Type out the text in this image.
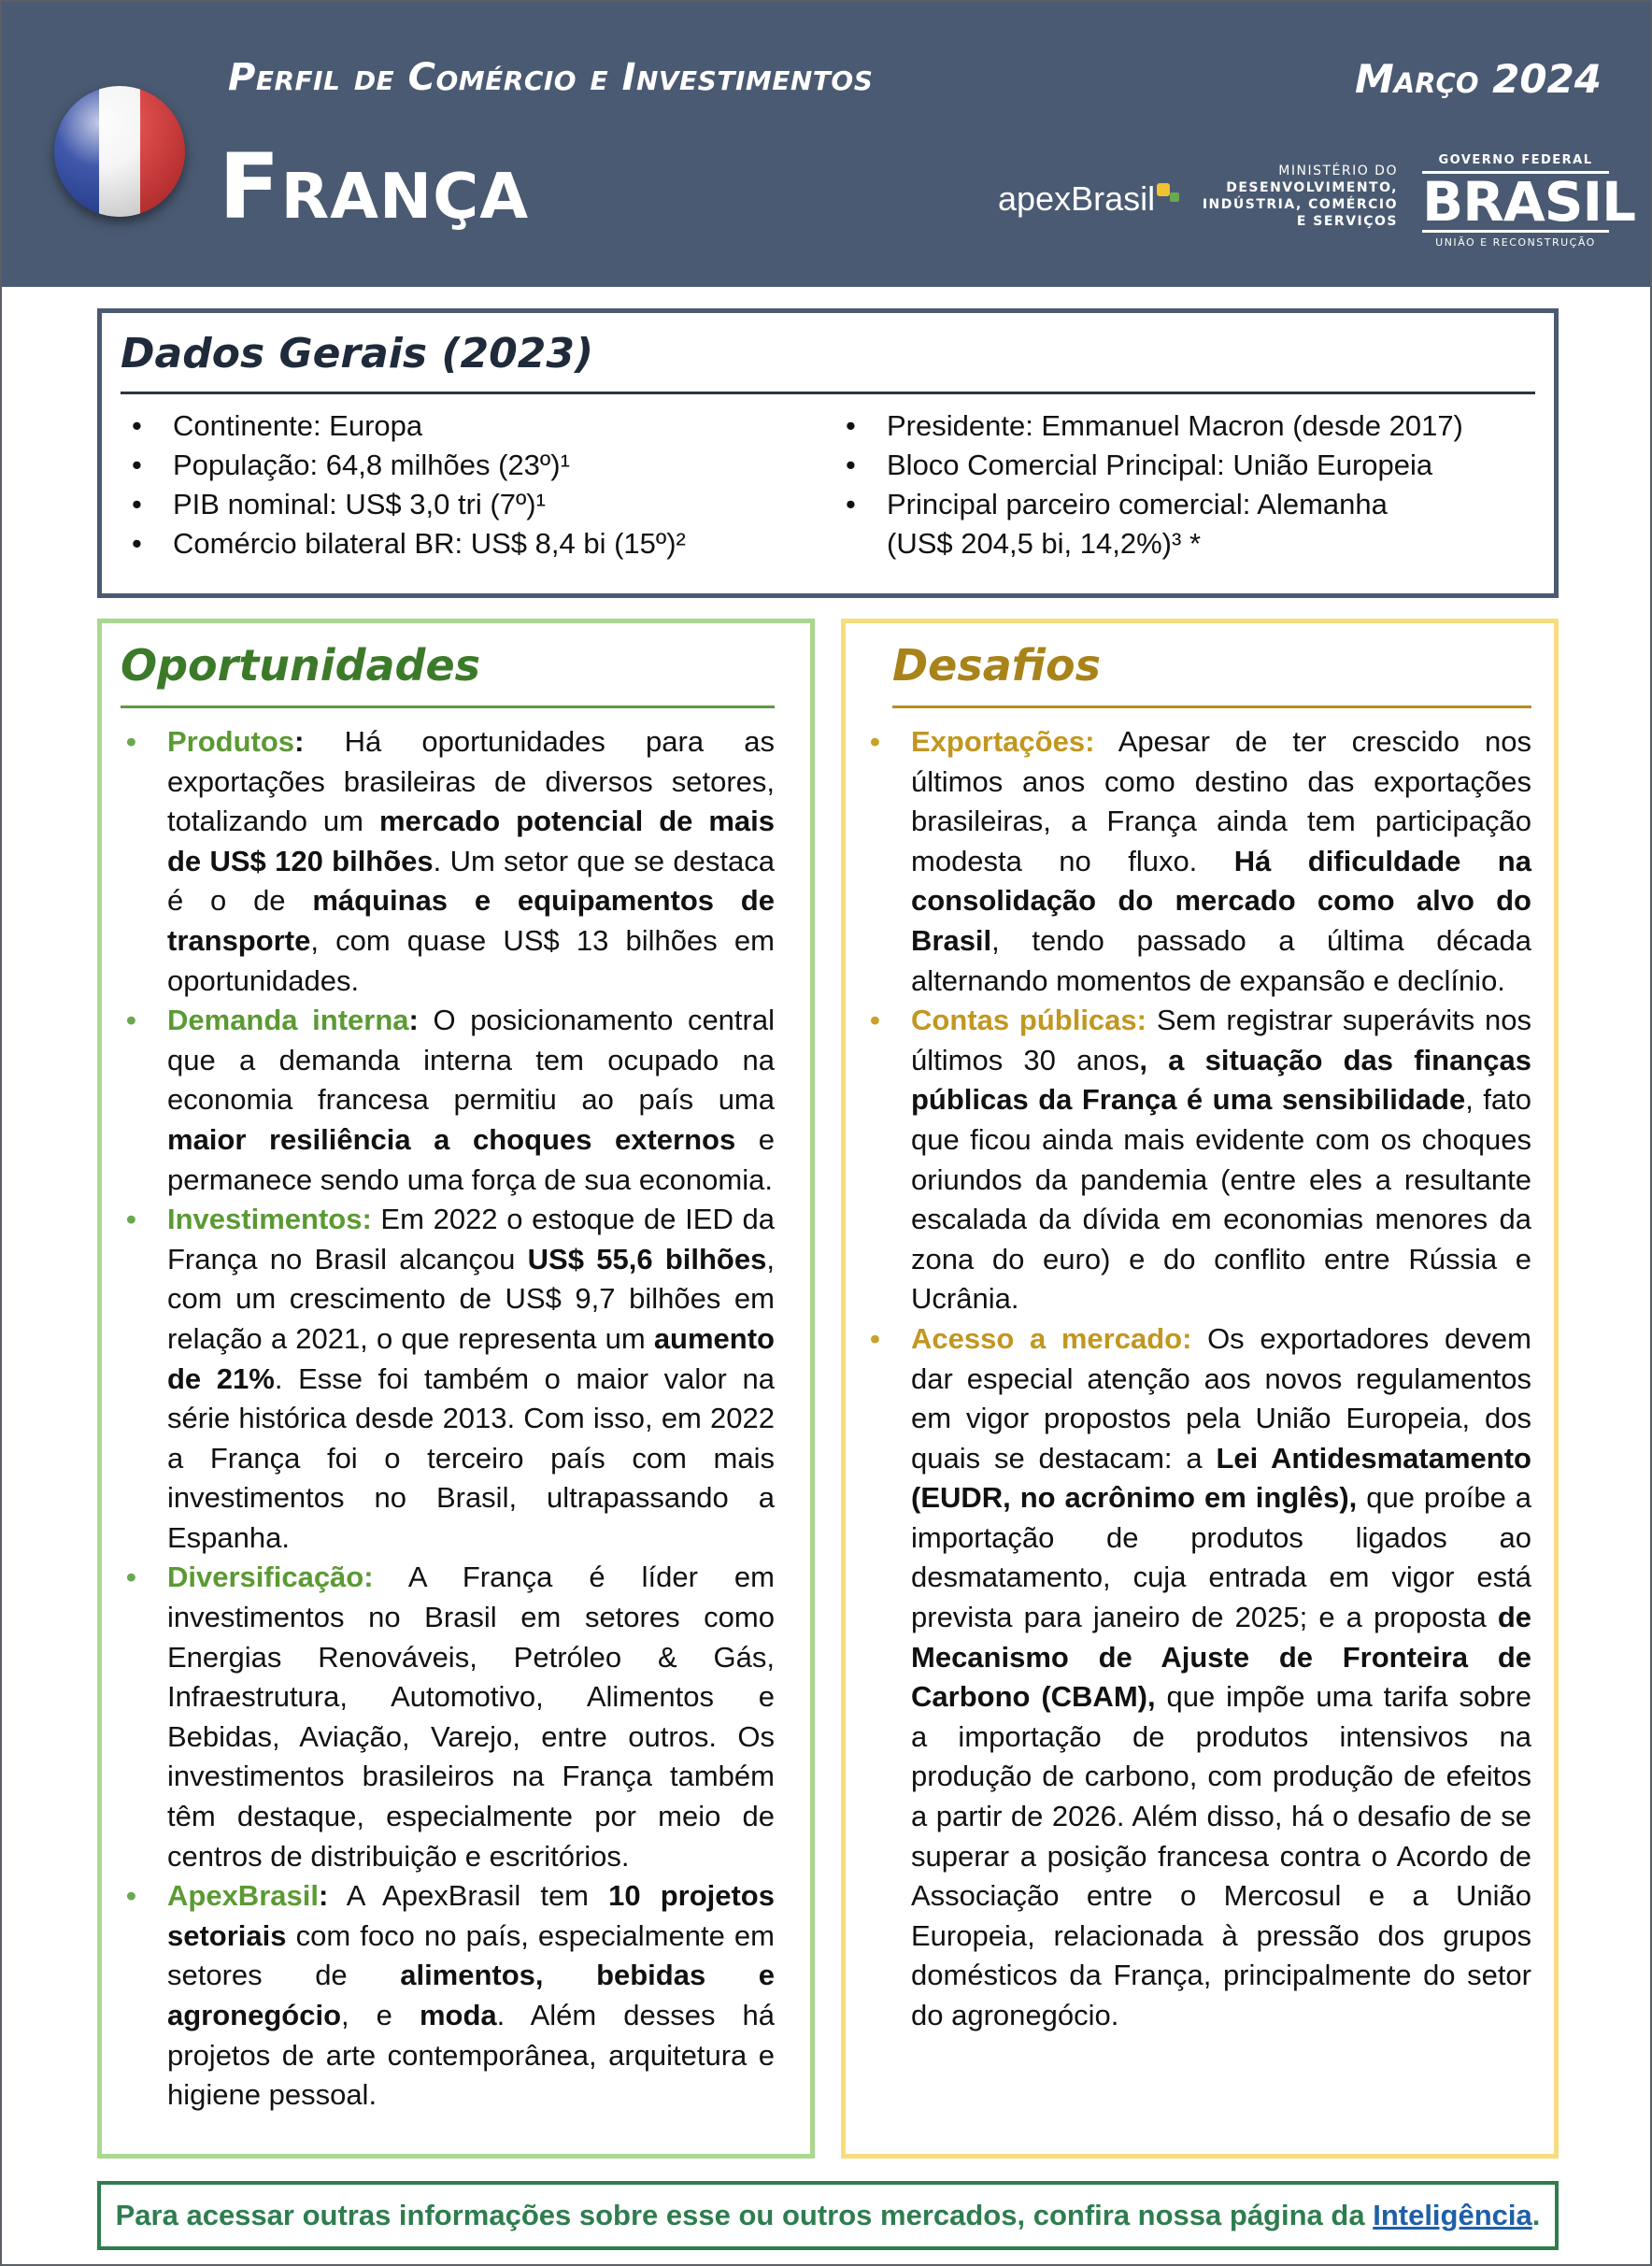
Perfil de Comércio e Investimentos	Março 2024
França	apexBrasil
MINISTÉRIO DO
DESENVOLVIMENTO,
INDÚSTRIA, COMÉRCIO
E SERVIÇOS
GOVERNO FEDERAL
BRASIL
UNIÃO E RECONSTRUÇÃO
Dados Gerais (2023)
• Continente: Europa
• População: 64,8 milhões (23º)¹
• PIB nominal: US$ 3,0 tri (7º)¹
• Comércio bilateral BR: US$ 8,4 bi (15º)²
• Presidente: Emmanuel Macron (desde 2017)
• Bloco Comercial Principal: União Europeia
• Principal parceiro comercial: Alemanha
(US$ 204,5 bi, 14,2%)³ *
Oportunidades
• Produtos: Há oportunidades para as exportações brasileiras de diversos setores, totalizando um mercado potencial de mais de US$ 120 bilhões. Um setor que se destaca é o de máquinas e equipamentos de transporte, com quase US$ 13 bilhões em oportunidades.
• Demanda interna: O posicionamento central que a demanda interna tem ocupado na economia francesa permitiu ao país uma maior resiliência a choques externos e permanece sendo uma força de sua economia.
• Investimentos: Em 2022 o estoque de IED da França no Brasil alcançou US$ 55,6 bilhões, com um crescimento de US$ 9,7 bilhões em relação a 2021, o que representa um aumento de 21%. Esse foi também o maior valor na série histórica desde 2013. Com isso, em 2022 a França foi o terceiro país com mais investimentos no Brasil, ultrapassando a Espanha.
• Diversificação: A França é líder em investimentos no Brasil em setores como Energias Renováveis, Petróleo & Gás, Infraestrutura, Automotivo, Alimentos e Bebidas, Aviação, Varejo, entre outros. Os investimentos brasileiros na França também têm destaque, especialmente por meio de centros de distribuição e escritórios.
• ApexBrasil: A ApexBrasil tem 10 projetos setoriais com foco no país, especialmente em setores de alimentos, bebidas e agronegócio, e moda. Além desses há projetos de arte contemporânea, arquitetura e higiene pessoal.
Desafios
• Exportações: Apesar de ter crescido nos últimos anos como destino das exportações brasileiras, a França ainda tem participação modesta no fluxo. Há dificuldade na consolidação do mercado como alvo do Brasil, tendo passado a última década alternando momentos de expansão e declínio.
• Contas públicas: Sem registrar superávits nos últimos 30 anos, a situação das finanças públicas da França é uma sensibilidade, fato que ficou ainda mais evidente com os choques oriundos da pandemia (entre eles a resultante escalada da dívida em economias menores da zona do euro) e do conflito entre Rússia e Ucrânia.
• Acesso a mercado: Os exportadores devem dar especial atenção aos novos regulamentos em vigor propostos pela União Europeia, dos quais se destacam: a Lei Antidesmatamento (EUDR, no acrônimo em inglês), que proíbe a importação de produtos ligados ao desmatamento, cuja entrada em vigor está prevista para janeiro de 2025; e a proposta de Mecanismo de Ajuste de Fronteira de Carbono (CBAM), que impõe uma tarifa sobre a importação de produtos intensivos na produção de carbono, com produção de efeitos a partir de 2026. Além disso, há o desafio de se superar a posição francesa contra o Acordo de Associação entre o Mercosul e a União Europeia, relacionada à pressão dos grupos domésticos da França, principalmente do setor do agronegócio.
Para acessar outras informações sobre esse ou outros mercados, confira nossa página da Inteligência.
